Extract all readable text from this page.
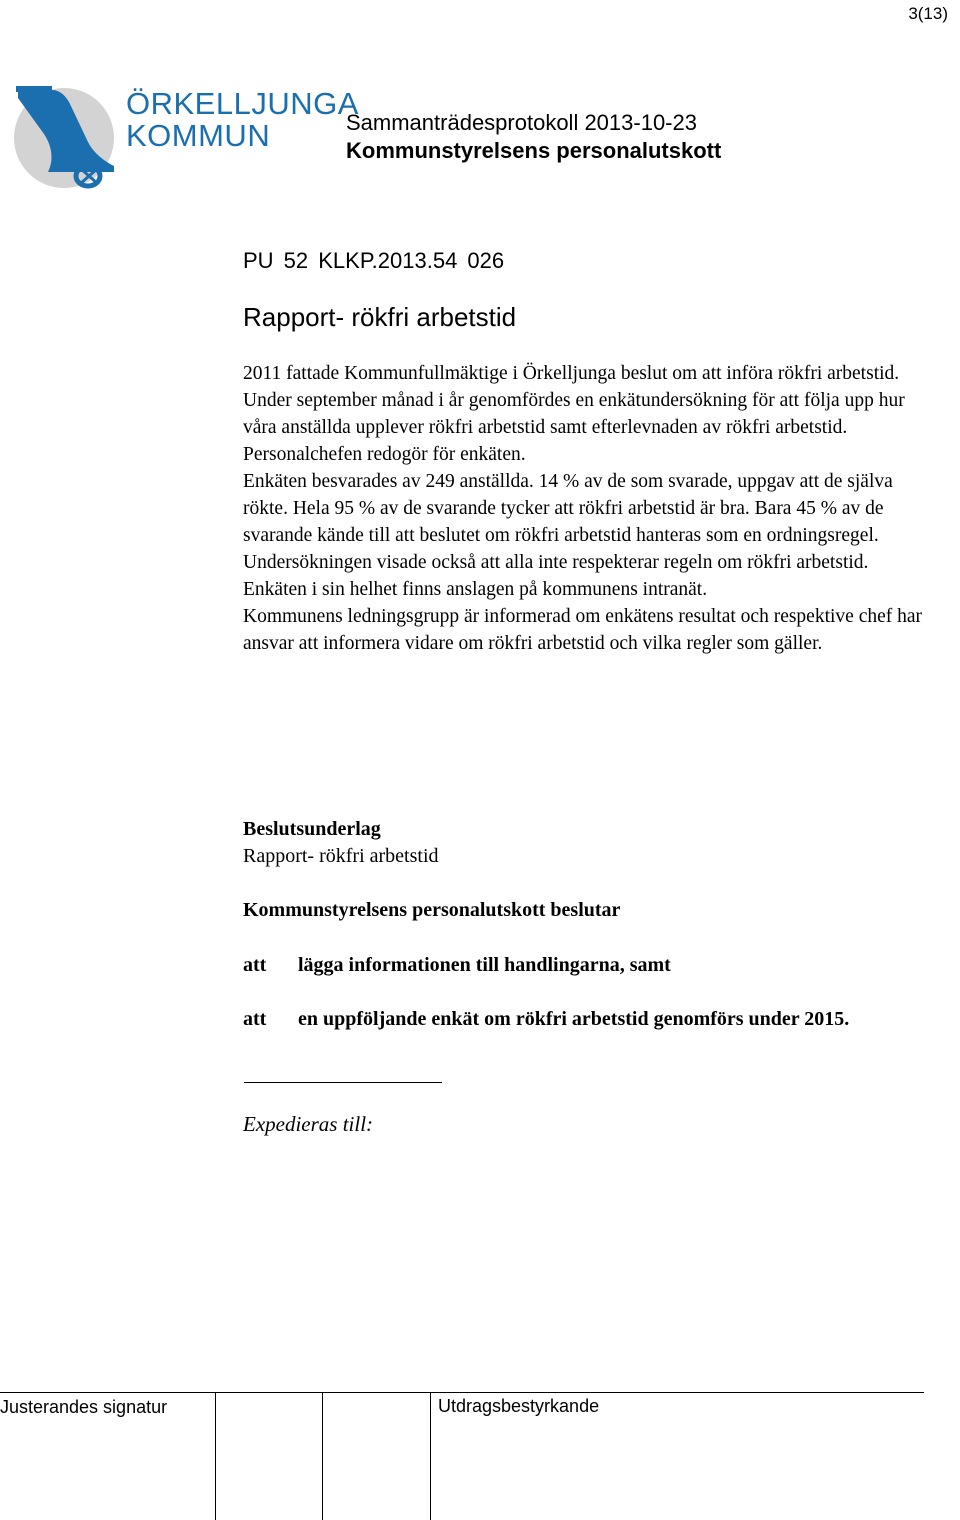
3(13)
ÖRKELLJUNGA
KOMMUN	Sammanträdesprotokoll 2013-10-23
Kommunstyrelsens personalutskott
PU 52 KLKP.2013.54 026
Rapport- rökfri arbetstid

2011 fattade Kommunfullmäktige i Örkelljunga beslut om att införa rökfri arbetstid.

Under september månad i år genomfördes en enkätundersökning för att följa upp hur våra anställda upplever rökfri arbetstid samt efterlevnaden av rökfri arbetstid.

Personalchefen redogör för enkäten.

Enkäten besvarades av 249 anställda. 14 % av de som svarade, uppgav att de själva rökte. Hela 95 % av de svarande tycker att rökfri arbetstid är bra. Bara 45 % av de svarande kände till att beslutet om rökfri arbetstid hanteras som en ordningsregel.

Undersökningen visade också att alla inte respekterar regeln om rökfri arbetstid.

Enkäten i sin helhet finns anslagen på kommunens intranät.

Kommunens ledningsgrupp är informerad om enkätens resultat och respektive chef har ansvar att informera vidare om rökfri arbetstid och vilka regler som gäller.

Beslutsunderlag
Rapport- rökfri arbetstid
Kommunstyrelsens personalutskott beslutar
att lägga informationen till handlingarna, samt
att en uppföljande enkät om rökfri arbetstid genomförs under 2015.
Expedieras till:
Justerandes signatur	Utdragsbestyrkande
